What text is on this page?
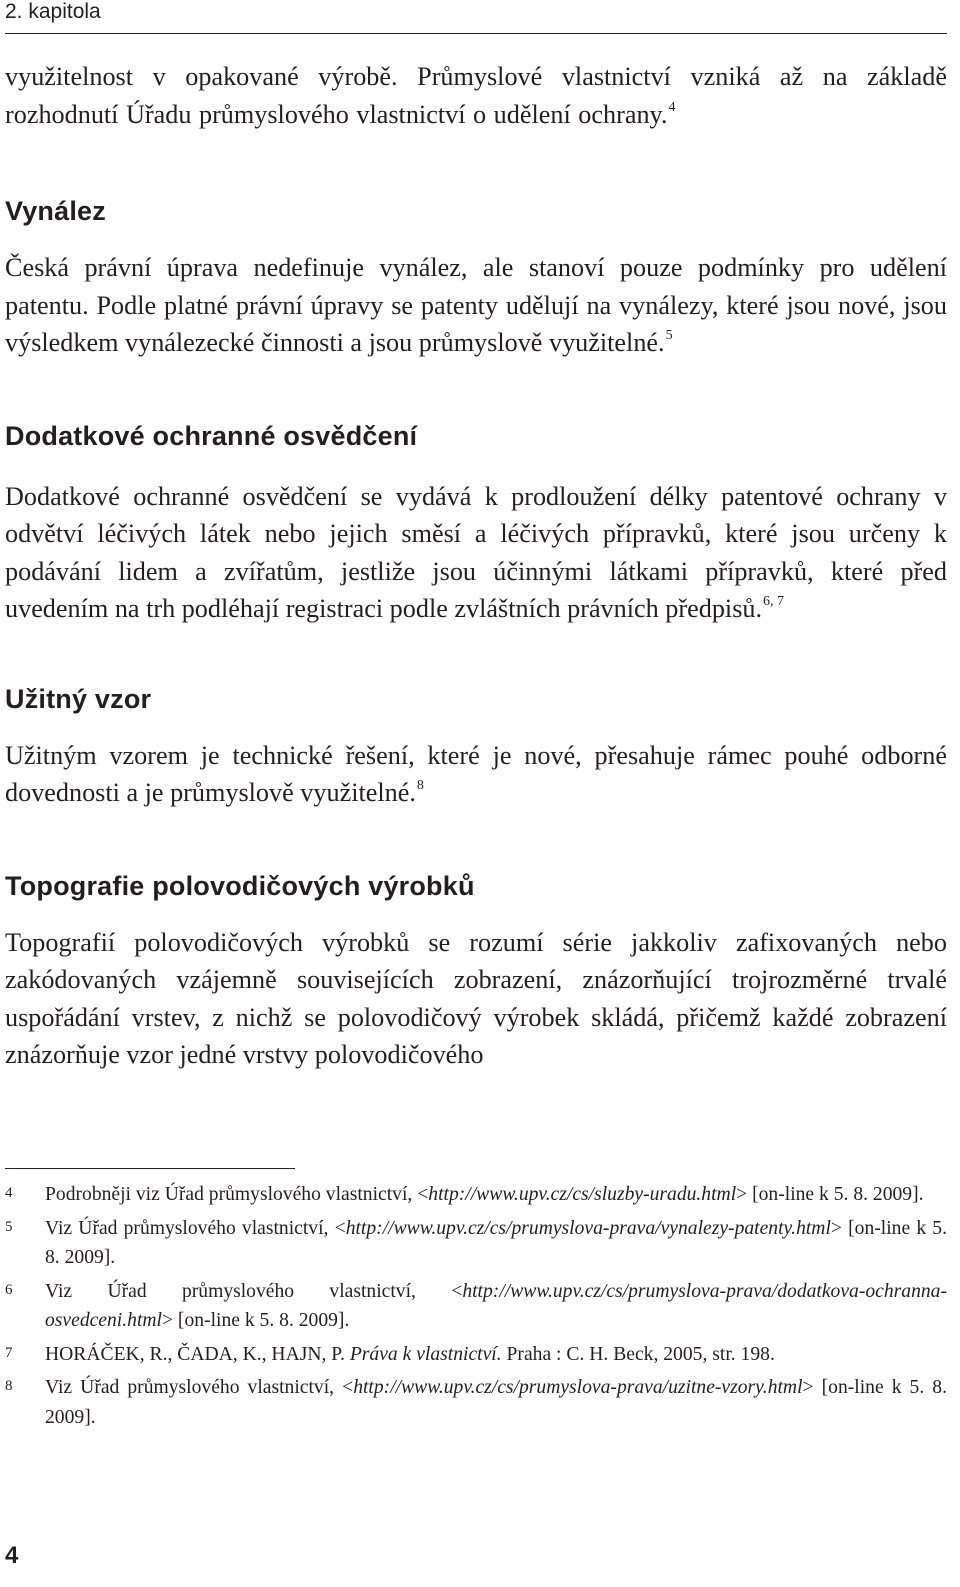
2. kapitola

využitelnost v opakované výrobě. Průmyslové vlastnictví vzniká až na základě rozhodnutí Úřadu průmyslového vlastnictví o udělení ochrany.$^4$

Vynález

Česká právní úprava nedefinuje vynález, ale stanoví pouze podmínky pro udělení patentu. Podle platné právní úpravy se patenty udělují na vynálezy, které jsou nové, jsou výsledkem vynálezecké činnosti a jsou průmyslově využitelné.$^5$

Dodatkové ochranné osvědčení

Dodatkové ochranné osvědčení se vydává k prodloužení délky patentové ochrany v odvětví léčivých látek nebo jejich směsí a léčivých přípravků, které jsou určeny k podávání lidem a zvířatům, jestliže jsou účinnými látkami přípravků, které před uvedením na trh podléhají registraci podle zvláštních právních předpisů.$^{6, 7}$

Užitný vzor

Užitným vzorem je technické řešení, které je nové, přesahuje rámec pouhé odborné dovednosti a je průmyslově využitelné.$^8$

Topografie polovodičových výrobků

Topografií polovodičových výrobků se rozumí série jakkoliv zafixovaných nebo zakódovaných vzájemně souvisejících zobrazení, znázorňující trojrozměrné trvalé uspořádání vrstev, z nichž se polovodičový výrobek skládá, přičemž každé zobrazení znázorňuje vzor jedné vrstvy polovodičového

4	Podrobněji viz Úřad průmyslového vlastnictví, <http://www.upv.cz/cs/sluzby-uradu.html> [on-line k 5. 8. 2009].
5	Viz Úřad průmyslového vlastnictví, <http://www.upv.cz/cs/prumyslova-prava/vynalezy-patenty.html> [on-line k 5. 8. 2009].
6	Viz Úřad průmyslového vlastnictví, <http://www.upv.cz/cs/prumyslova-prava/dodatkova-ochranna-osvedceni.html> [on-line k 5. 8. 2009].
7	HORÁČEK, R., ČADA, K., HAJN, P. Práva k vlastnictví. Praha : C. H. Beck, 2005, str. 198.
8	Viz Úřad průmyslového vlastnictví, <http://www.upv.cz/cs/prumyslova-prava/uzitne-vzory.html> [on-line k 5. 8. 2009].
4
